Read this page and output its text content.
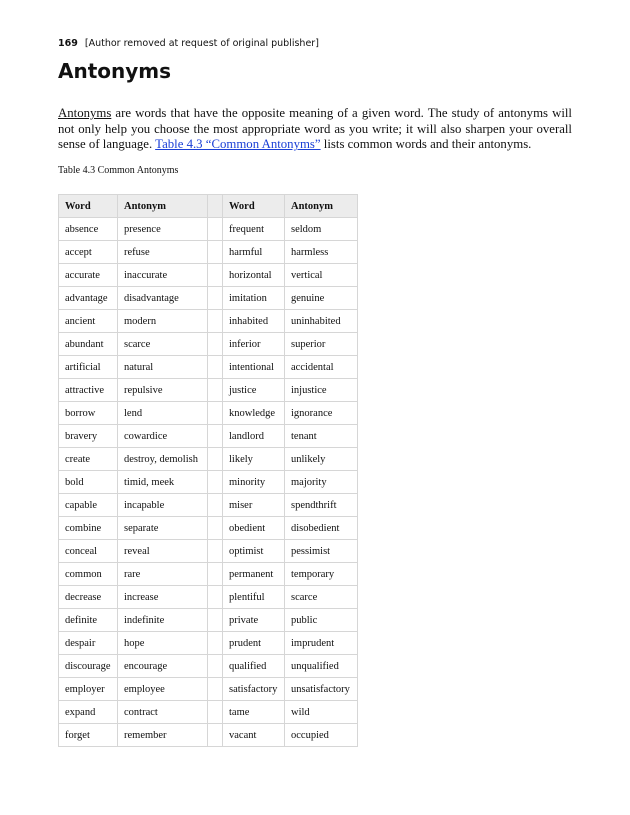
169 [Author removed at request of original publisher]
Antonyms

Antonyms are words that have the opposite meaning of a given word. The study of antonyms will not only help you choose the most appropriate word as you write; it will also sharpen your overall sense of language. Table 4.3 “Common Antonyms” lists common words and their antonyms.

Table 4.3 Common Antonyms

Word	Antonym		Word	Antonym
absence	presence		frequent	seldom
accept	refuse		harmful	harmless
accurate	inaccurate		horizontal	vertical
advantage	disadvantage		imitation	genuine
ancient	modern		inhabited	uninhabited
abundant	scarce		inferior	superior
artificial	natural		intentional	accidental
attractive	repulsive		justice	injustice
borrow	lend		knowledge	ignorance
bravery	cowardice		landlord	tenant
create	destroy, demolish		likely	unlikely
bold	timid, meek		minority	majority
capable	incapable		miser	spendthrift
combine	separate		obedient	disobedient
conceal	reveal		optimist	pessimist
common	rare		permanent	temporary
decrease	increase		plentiful	scarce
definite	indefinite		private	public
despair	hope		prudent	imprudent
discourage	encourage		qualified	unqualified
employer	employee		satisfactory	unsatisfactory
expand	contract		tame	wild
forget	remember		vacant	occupied
